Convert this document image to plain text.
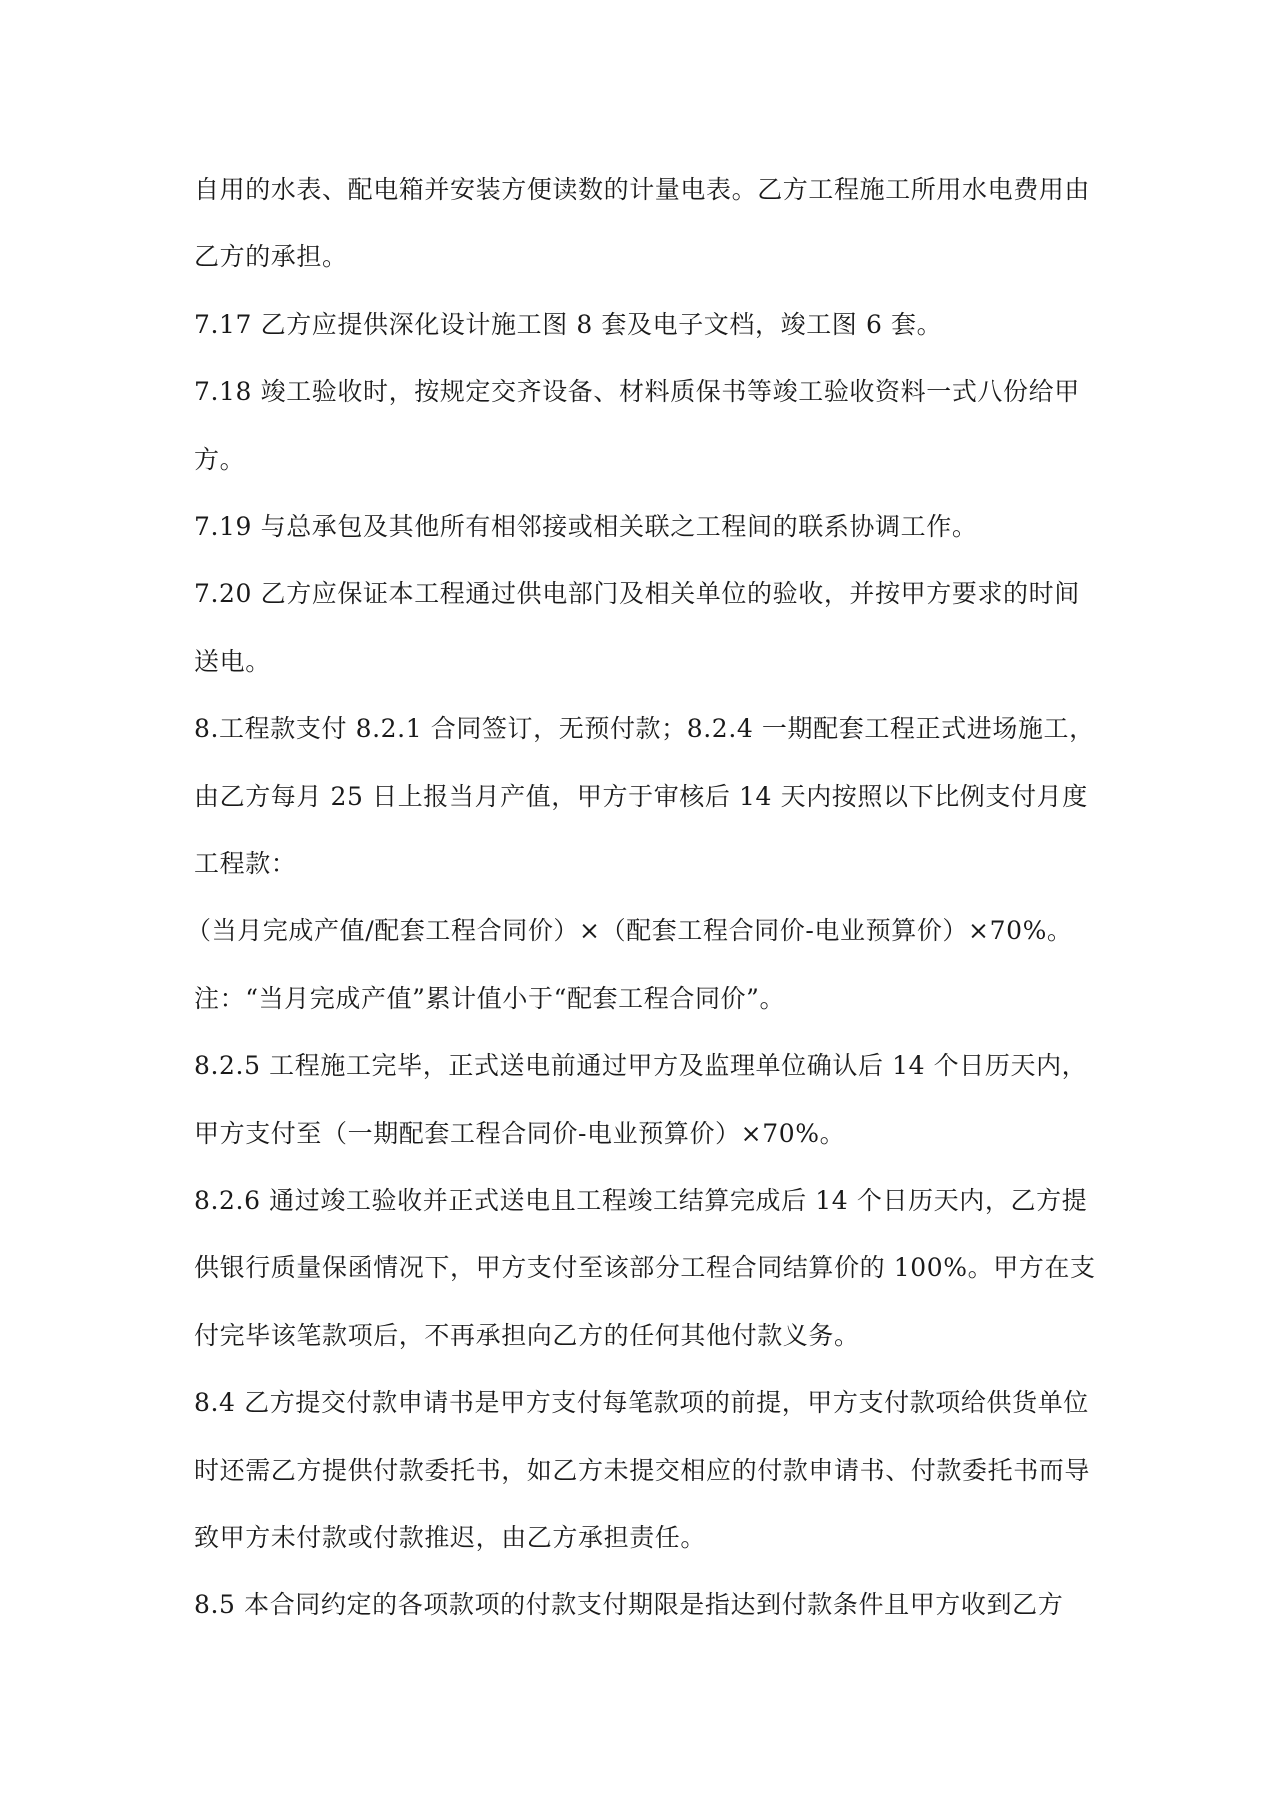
自用的水表、配电箱并安装方便读数的计量电表。乙方工程施工所用水电费用由

乙方的承担。

7.17 乙方应提供深化设计施工图 8 套及电子文档，竣工图 6 套。

7.18 竣工验收时，按规定交齐设备、材料质保书等竣工验收资料一式八份给甲

方。

7.19 与总承包及其他所有相邻接或相关联之工程间的联系协调工作。

7.20 乙方应保证本工程通过供电部门及相关单位的验收，并按甲方要求的时间

送电。

8.工程款支付 8.2.1 合同签订，无预付款；8.2.4 一期配套工程正式进场施工，

由乙方每月 25 日上报当月产值，甲方于审核后 14 天内按照以下比例支付月度

工程款：

（当月完成产值/配套工程合同价）×（配套工程合同价-电业预算价）×70%。

注：“当月完成产值”累计值小于“配套工程合同价”。

8.2.5 工程施工完毕，正式送电前通过甲方及监理单位确认后 14 个日历天内，

甲方支付至（一期配套工程合同价-电业预算价）×70%。

8.2.6 通过竣工验收并正式送电且工程竣工结算完成后 14 个日历天内，乙方提

供银行质量保函情况下，甲方支付至该部分工程合同结算价的 100%。甲方在支

付完毕该笔款项后，不再承担向乙方的任何其他付款义务。

8.4 乙方提交付款申请书是甲方支付每笔款项的前提，甲方支付款项给供货单位

时还需乙方提供付款委托书，如乙方未提交相应的付款申请书、付款委托书而导

致甲方未付款或付款推迟，由乙方承担责任。

8.5 本合同约定的各项款项的付款支付期限是指达到付款条件且甲方收到乙方
